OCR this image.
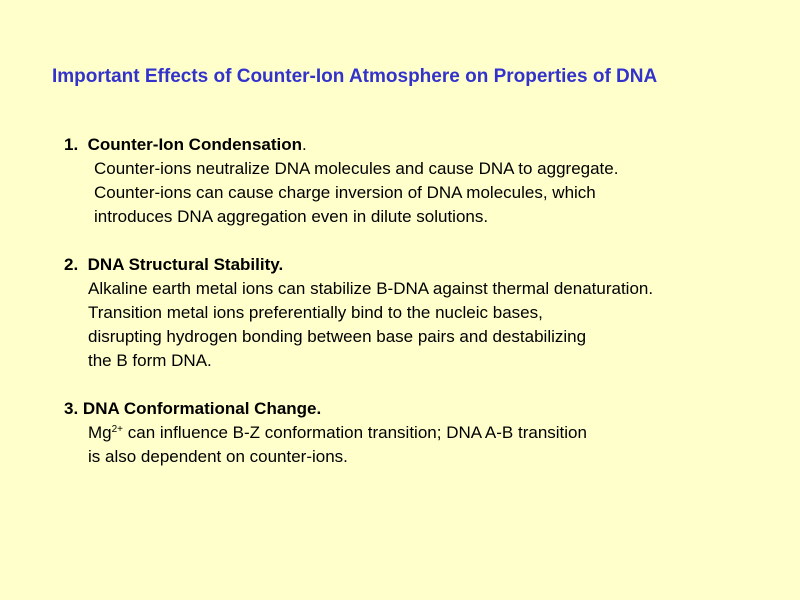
Important Effects of Counter-Ion Atmosphere on Properties of DNA
1. Counter-Ion Condensation.
Counter-ions neutralize DNA molecules and cause DNA to aggregate.
Counter-ions can cause charge inversion of DNA molecules, which
introduces DNA aggregation even in dilute solutions.
2. DNA Structural Stability.
Alkaline earth metal ions can stabilize B-DNA against thermal denaturation.
Transition metal ions preferentially bind to the nucleic bases,
disrupting hydrogen bonding between base pairs and destabilizing
the B form DNA.
3. DNA Conformational Change.
$Mg^{2+}$ can influence B-Z conformation transition; DNA A-B transition
is also dependent on counter-ions.
